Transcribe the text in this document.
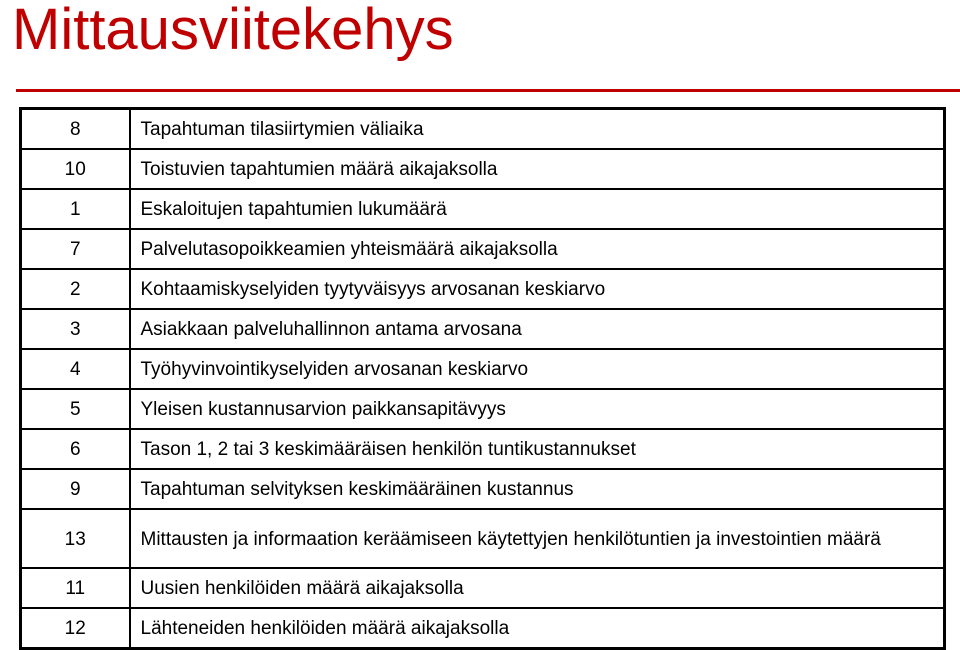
Mittausviitekehys
8	Tapahtuman tilasiirtymien väliaika
10	Toistuvien tapahtumien määrä aikajaksolla
1	Eskaloitujen tapahtumien lukumäärä
7	Palvelutasopoikkeamien yhteismäärä aikajaksolla
2	Kohtaamiskyselyiden tyytyväisyys arvosanan keskiarvo
3	Asiakkaan palveluhallinnon antama arvosana
4	Työhyvinvointikyselyiden arvosanan keskiarvo
5	Yleisen kustannusarvion paikkansapitävyys
6	Tason 1, 2 tai 3 keskimääräisen henkilön tuntikustannukset
9	Tapahtuman selvityksen keskimääräinen kustannus
13	Mittausten ja informaation keräämiseen käytettyjen henkilötuntien ja investointien määrä
11	Uusien henkilöiden määrä aikajaksolla
12	Lähteneiden henkilöiden määrä aikajaksolla
